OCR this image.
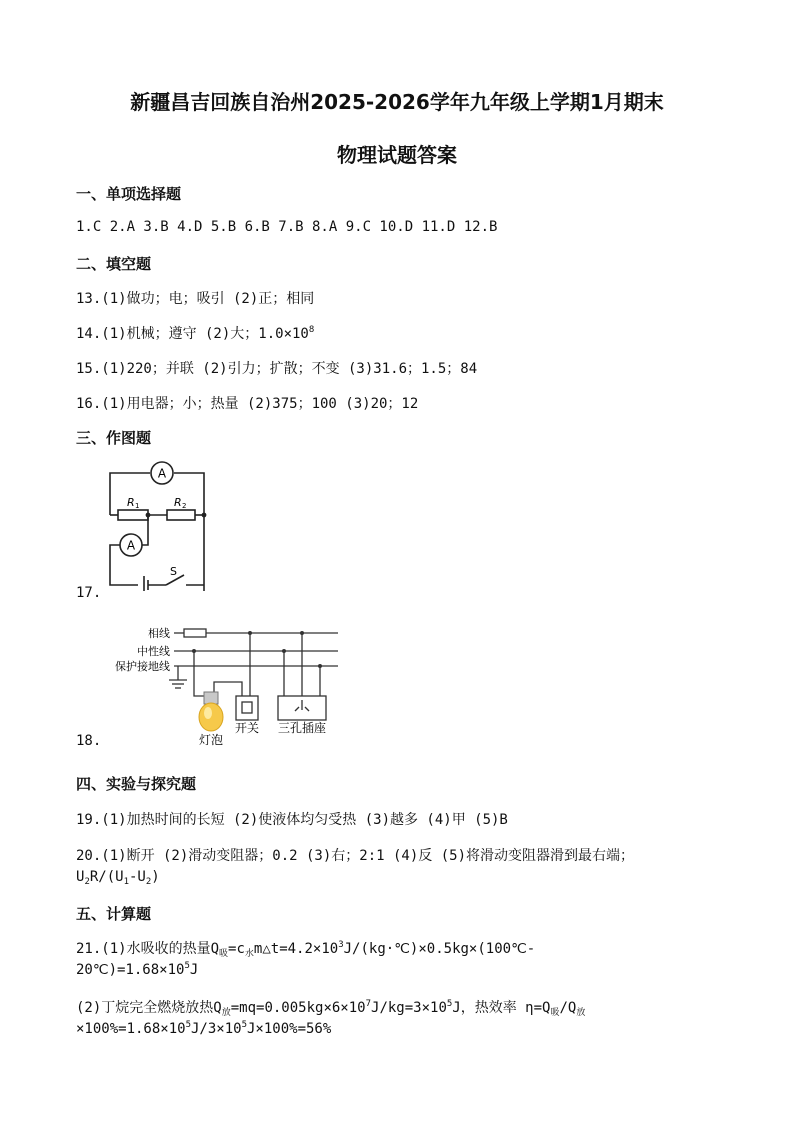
新疆昌吉回族自治州2025-2026学年九年级上学期1月期末
物理试题答案
一、单项选择题
1.C 2.A 3.B 4.D 5.B 6.B 7.B 8.A 9.C 10.D 11.D 12.B
二、填空题
13.(1)做功；电；吸引 (2)正；相同
14.(1)机械；遵守 (2)大；$1.0\times 10^8$
15.(1)220；并联 (2)引力；扩散；不变 (3)31.6；1.5；84
16.(1)用电器；小；热量 (2)375；100 (3)20；12
三、作图题
A
A
R 1	R 2
S
17.
相线
中性线
保护接地线
灯泡
开关 三孔插座
18.
四、实验与探究题
19.(1)加热时间的长短 (2)使液体均匀受热 (3)越多 (4)甲 (5)B
20.(1)断开 (2)滑动变阻器；0.2 (3)右；2:1 (4)反 (5)将滑动变阻器滑到最右端；
$U_2R/(U_1-U_2)$
五、计算题
21.(1)水吸收的热量$Q_吸=c_水m\triangle t=4.2\times 10^3J/(kg\cdot℃)\times 0.5kg\times(100℃-$
$20℃)=1.68\times 10^5J$
(2)丁烷完全燃烧放热$Q_放=mq=0.005kg\times 6\times 10^7J/kg=3\times 10^5J$，热效率 $\eta=Q_吸/Q_放$
$\times 100\%=1.68\times 10^5J/3\times 10^5J\times 100\%=56\%$
